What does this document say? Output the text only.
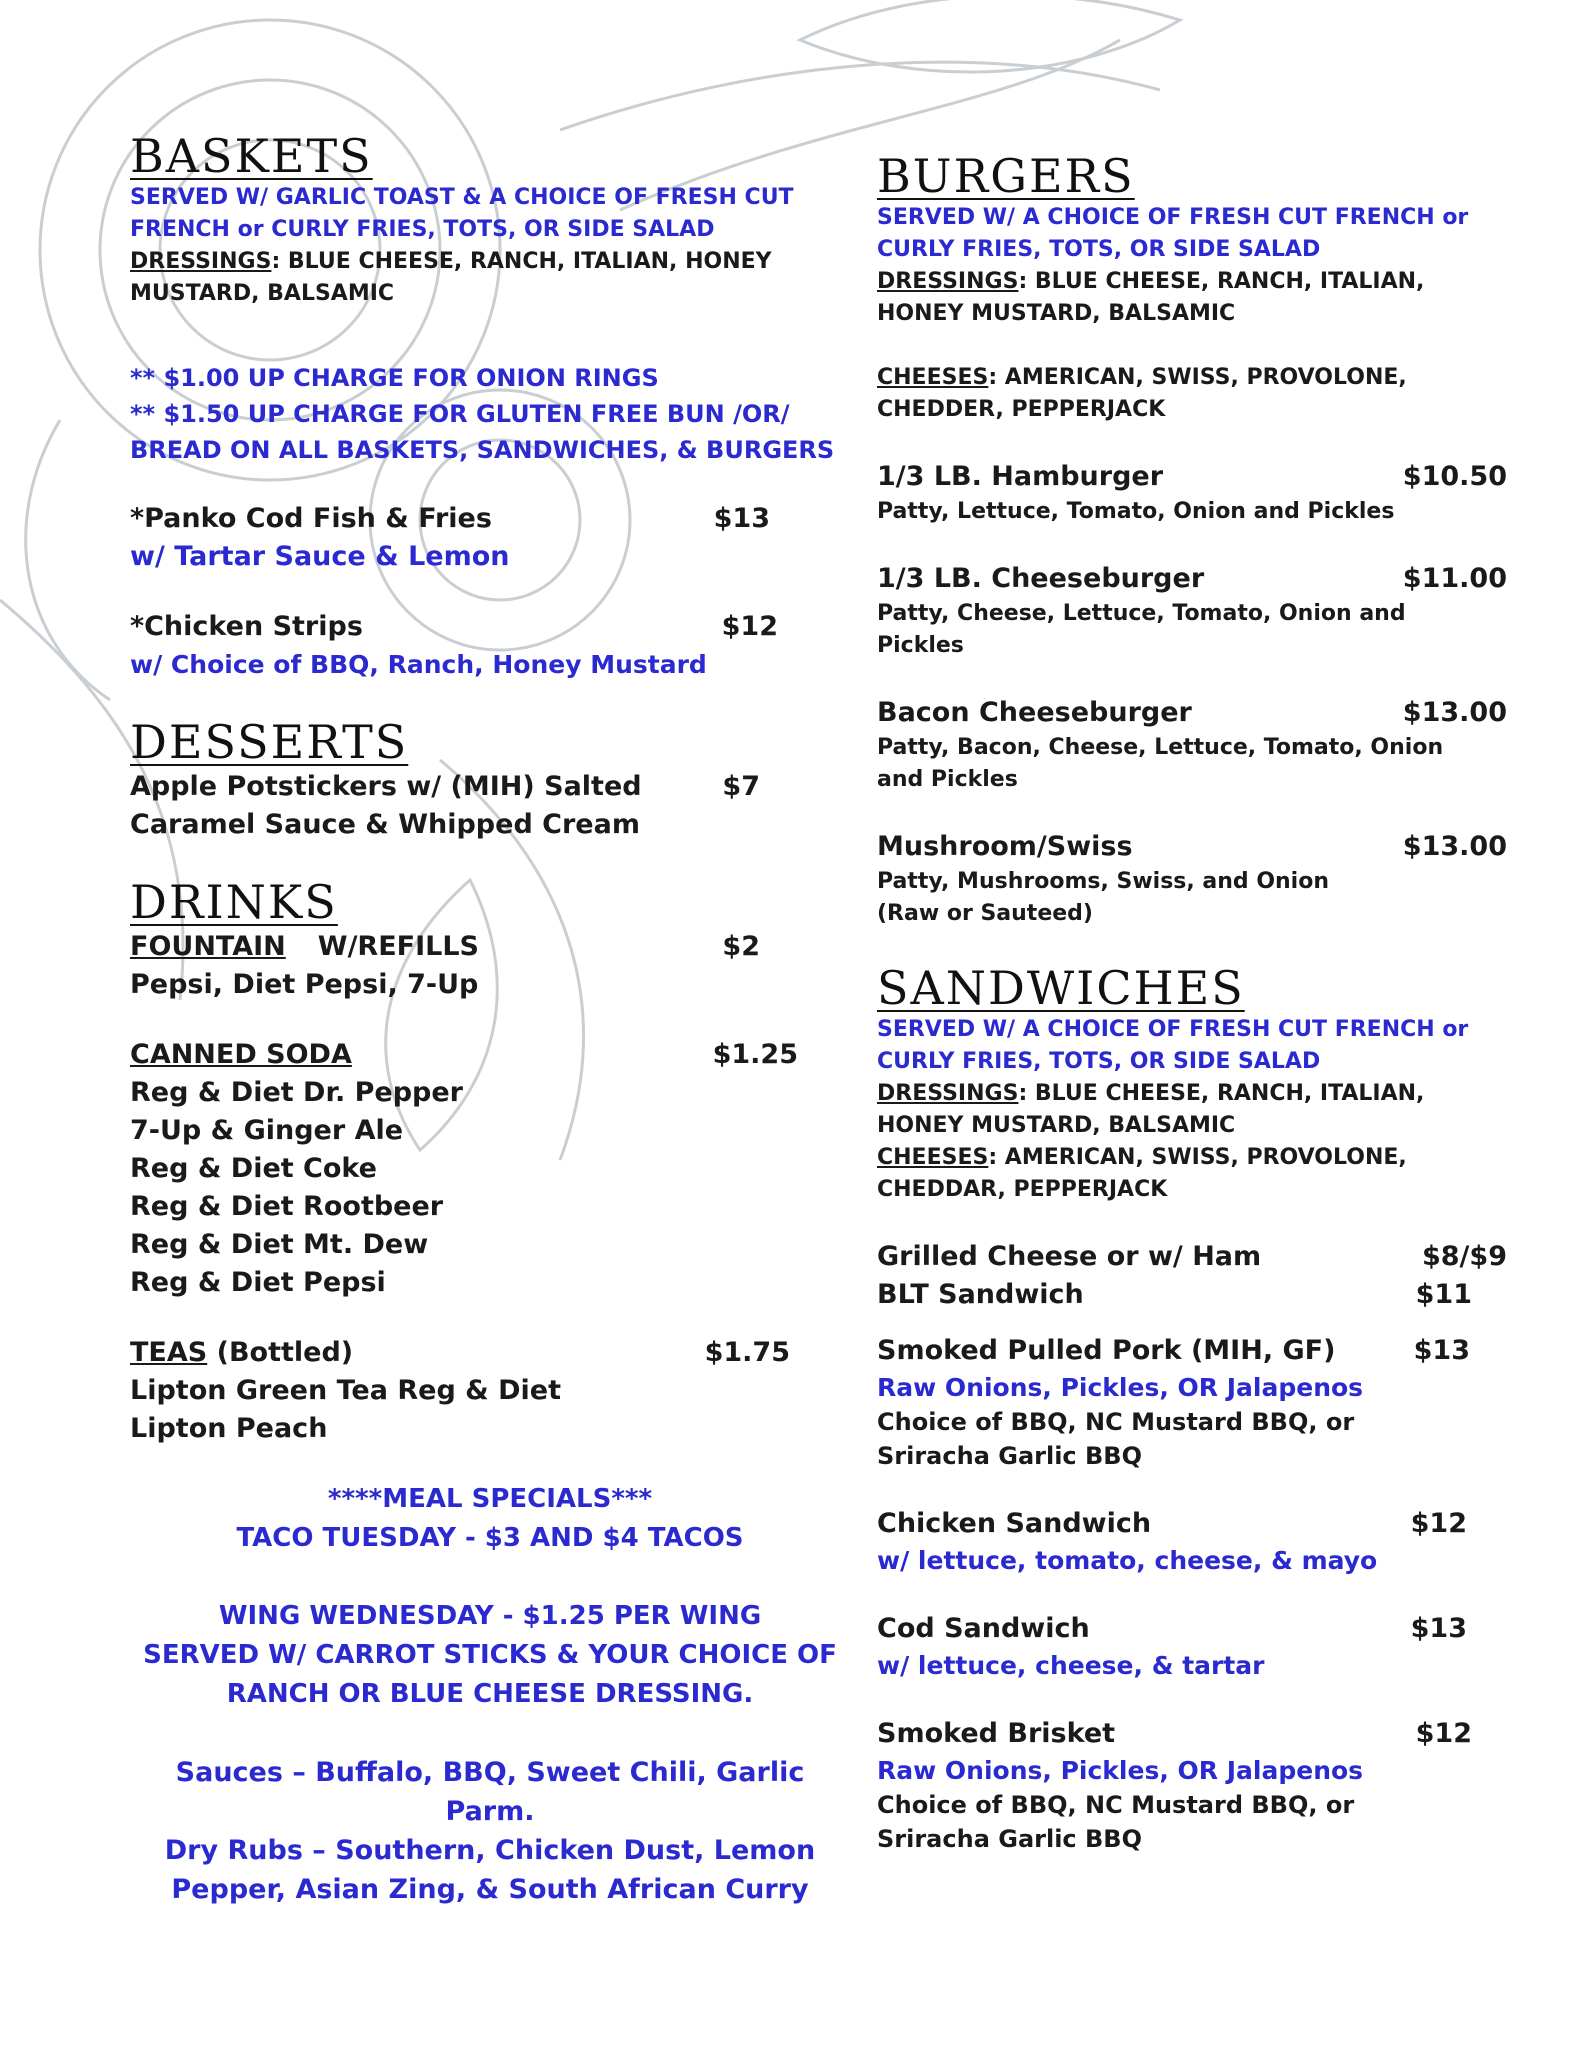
BASKETS
SERVED W/ GARLIC TOAST & A CHOICE OF FRESH CUT FRENCH or CURLY FRIES, TOTS, OR SIDE SALAD
DRESSINGS: BLUE CHEESE, RANCH, ITALIAN, HONEY MUSTARD, BALSAMIC
** $1.00 UP CHARGE FOR ONION RINGS
** $1.50 UP CHARGE FOR GLUTEN FREE BUN /OR/ BREAD ON ALL BASKETS, SANDWICHES, & BURGERS
*Panko Cod Fish & Fries	$13
w/ Tartar Sauce & Lemon
*Chicken Strips	$12
w/ Choice of BBQ, Ranch, Honey Mustard
DESSERTS
Apple Potstickers w/ (MIH) Salted	$7
Caramel Sauce & Whipped Cream
DRINKS
FOUNTAIN W/REFILLS	$2
Pepsi, Diet Pepsi, 7-Up
CANNED SODA	$1.25
Reg & Diet Dr. Pepper
7-Up & Ginger Ale
Reg & Diet Coke
Reg & Diet Rootbeer
Reg & Diet Mt. Dew
Reg & Diet Pepsi
TEAS (Bottled)	$1.75
Lipton Green Tea Reg & Diet
Lipton Peach
****MEAL SPECIALS***
TACO TUESDAY - $3 AND $4 TACOS
WING WEDNESDAY - $1.25 PER WING
SERVED W/ CARROT STICKS & YOUR CHOICE OF
RANCH OR BLUE CHEESE DRESSING.
Sauces – Buffalo, BBQ, Sweet Chili, Garlic Parm.
Dry Rubs – Southern, Chicken Dust, Lemon
Pepper, Asian Zing, & South African Curry
BURGERS
SERVED W/ A CHOICE OF FRESH CUT FRENCH or CURLY FRIES, TOTS, OR SIDE SALAD
DRESSINGS: BLUE CHEESE, RANCH, ITALIAN, HONEY MUSTARD, BALSAMIC
CHEESES: AMERICAN, SWISS, PROVOLONE, CHEDDER, PEPPERJACK
1/3 LB. Hamburger	$10.50
Patty, Lettuce, Tomato, Onion and Pickles
1/3 LB. Cheeseburger	$11.00
Patty, Cheese, Lettuce, Tomato, Onion and Pickles
Bacon Cheeseburger	$13.00
Patty, Bacon, Cheese, Lettuce, Tomato, Onion and Pickles
Mushroom/Swiss	$13.00
Patty, Mushrooms, Swiss, and Onion (Raw or Sauteed)
SANDWICHES
SERVED W/ A CHOICE OF FRESH CUT FRENCH or CURLY FRIES, TOTS, OR SIDE SALAD
DRESSINGS: BLUE CHEESE, RANCH, ITALIAN, HONEY MUSTARD, BALSAMIC
CHEESES: AMERICAN, SWISS, PROVOLONE, CHEDDAR, PEPPERJACK
Grilled Cheese or w/ Ham	$8/$9
BLT Sandwich	$11
Smoked Pulled Pork (MIH, GF)	$13
Raw Onions, Pickles, OR Jalapenos
Choice of BBQ, NC Mustard BBQ, or Sriracha Garlic BBQ
Chicken Sandwich	$12
w/ lettuce, tomato, cheese, & mayo
Cod Sandwich	$13
w/ lettuce, cheese, & tartar
Smoked Brisket	$12
Raw Onions, Pickles, OR Jalapenos
Choice of BBQ, NC Mustard BBQ, or Sriracha Garlic BBQ
